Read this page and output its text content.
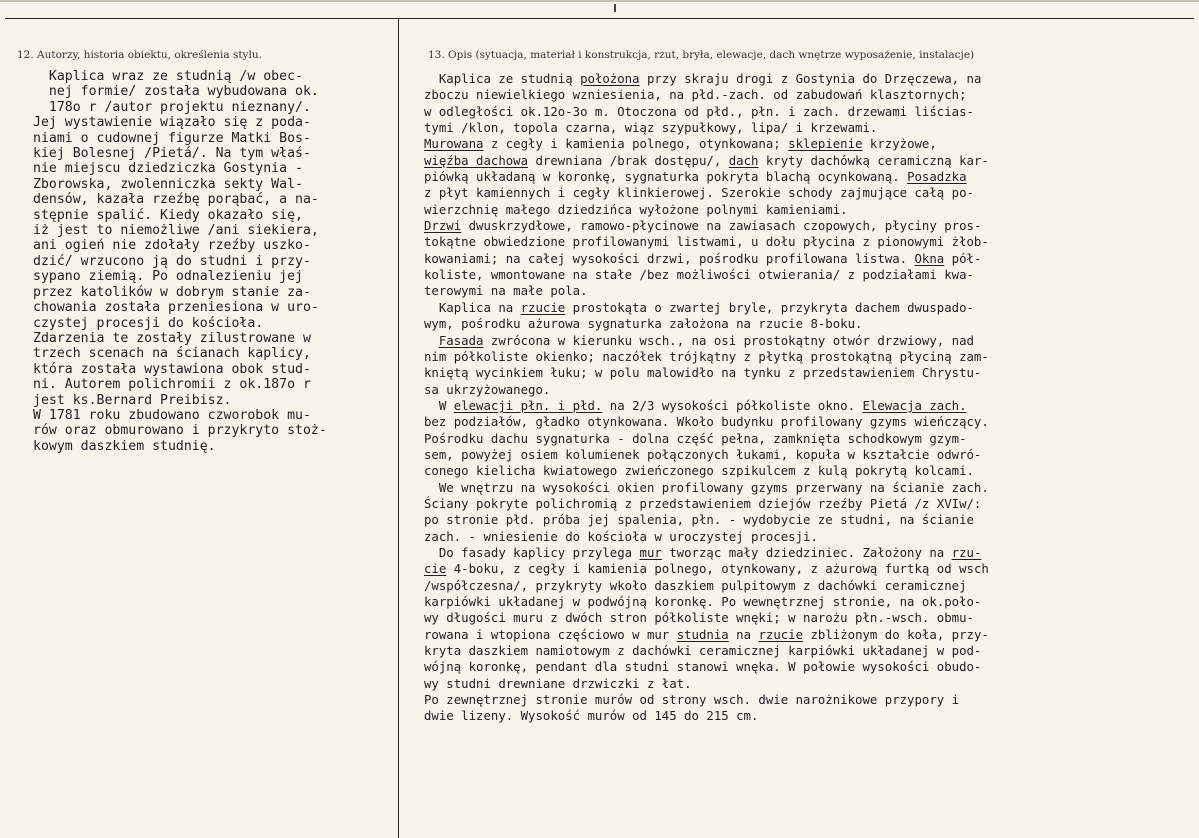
12. Autorzy, historia obiektu, określenia stylu.	13. Opis (sytuacja, materiał i konstrukcja, rzut, bryła, elewacje, dach wnętrze wyposażenie, instalacje)
Kaplica wraz ze studnią /w obec-
nej formie/ została wybudowana ok.
178o r /autor projektu nieznany/.
Jej wystawienie wiązało się z poda-
niami o cudownej figurze Matki Bos-
kiej Bolesnej /Pietá/. Na tym właś-
nie miejscu dziedziczka Gostynia -
Zborowska, zwolenniczka sekty Wal-
densów, kazała rzeźbę porąbać, a na-
stępnie spalić. Kiedy okazało się,
iż jest to niemożliwe /ani siekiera,
ani ogień nie zdołały rzeźby uszko-
dzić/ wrzucono ją do studni i przy-
sypano ziemią. Po odnalezieniu jej
przez katolików w dobrym stanie za-
chowania została przeniesiona w uro-
czystej procesji do kościoła.
Zdarzenia te zostały zilustrowane w
trzech scenach na ścianach kaplicy,
która została wystawiona obok stud-
ni. Autorem polichromii z ok.187o r
jest ks.Bernard Preibisz.
W 1781 roku zbudowano czworobok mu-
rów oraz obmurowano i przykryto stoż-
kowym daszkiem studnię.
Kaplica ze studnią położona przy skraju drogi z Gostynia do Drzęczewa, na
zboczu niewielkiego wzniesienia, na płd.-zach. od zabudowań klasztornych;
w odległości ok.12o-3o m. Otoczona od płd., płn. i zach. drzewami liścias-
tymi /klon, topola czarna, wiąz szypułkowy, lipa/ i krzewami.
Murowana z cegły i kamienia polnego, otynkowana; sklepienie krzyżowe,
więźba dachowa drewniana /brak dostępu/, dach kryty dachówką ceramiczną kar-
piówką układaną w koronkę, sygnaturka pokryta blachą ocynkowaną. Posadzka
z płyt kamiennych i cegły klinkierowej. Szerokie schody zajmujące całą po-
wierzchnię małego dziedzińca wyłożone polnymi kamieniami.
Drzwi dwuskrzydłowe, ramowo-płycinowe na zawiasach czopowych, płyciny pros-
tokątne obwiedzione profilowanymi listwami, u dołu płycina z pionowymi żłob-
kowaniami; na całej wysokości drzwi, pośrodku profilowana listwa. Okna pół-
koliste, wmontowane na stałe /bez możliwości otwierania/ z podziałami kwa-
terowymi na małe pola.
Kaplica na rzucie prostokąta o zwartej bryle, przykryta dachem dwuspado-
wym, pośrodku ażurowa sygnaturka założona na rzucie 8-boku.
Fasada zwrócona w kierunku wsch., na osi prostokątny otwór drzwiowy, nad
nim półkoliste okienko; naczółek trójkątny z płytką prostokątną płyciną zam-
kniętą wycinkiem łuku; w polu malowidło na tynku z przedstawieniem Chrystu-
sa ukrzyżowanego.
W elewacji płn. i płd. na 2/3 wysokości półkoliste okno. Elewacja zach.
bez podziałów, gładko otynkowana. Wkoło budynku profilowany gzyms wieńczący.
Pośrodku dachu sygnaturka - dolna część pełna, zamknięta schodkowym gzym-
sem, powyżej osiem kolumienek połączonych łukami, kopuła w kształcie odwró-
conego kielicha kwiatowego zwieńczonego szpikulcem z kulą pokrytą kolcami.
We wnętrzu na wysokości okien profilowany gzyms przerwany na ścianie zach.
Ściany pokryte polichromią z przedstawieniem dziejów rzeźby Pietá /z XVIw/:
po stronie płd. próba jej spalenia, płn. - wydobycie ze studni, na ścianie
zach. - wniesienie do kościoła w uroczystej procesji.
Do fasady kaplicy przylega mur tworząc mały dziedziniec. Założony na rzu-
cie 4-boku, z cegły i kamienia polnego, otynkowany, z ażurową furtką od wsch
/współczesna/, przykryty wkoło daszkiem pulpitowym z dachówki ceramicznej
karpiówki układanej w podwójną koronkę. Po wewnętrznej stronie, na ok.poło-
wy długości muru z dwóch stron półkoliste wnęki; w narożu płn.-wsch. obmu-
rowana i wtopiona częściowo w mur studnia na rzucie zbliżonym do koła, przy-
kryta daszkiem namiotowym z dachówki ceramicznej karpiówki układanej w pod-
wójną koronkę, pendant dla studni stanowi wnęka. W połowie wysokości obudo-
wy studni drewniane drzwiczki z łat.
Po zewnętrznej stronie murów od strony wsch. dwie narożnikowe przypory i
dwie lizeny. Wysokość murów od 145 do 215 cm.
